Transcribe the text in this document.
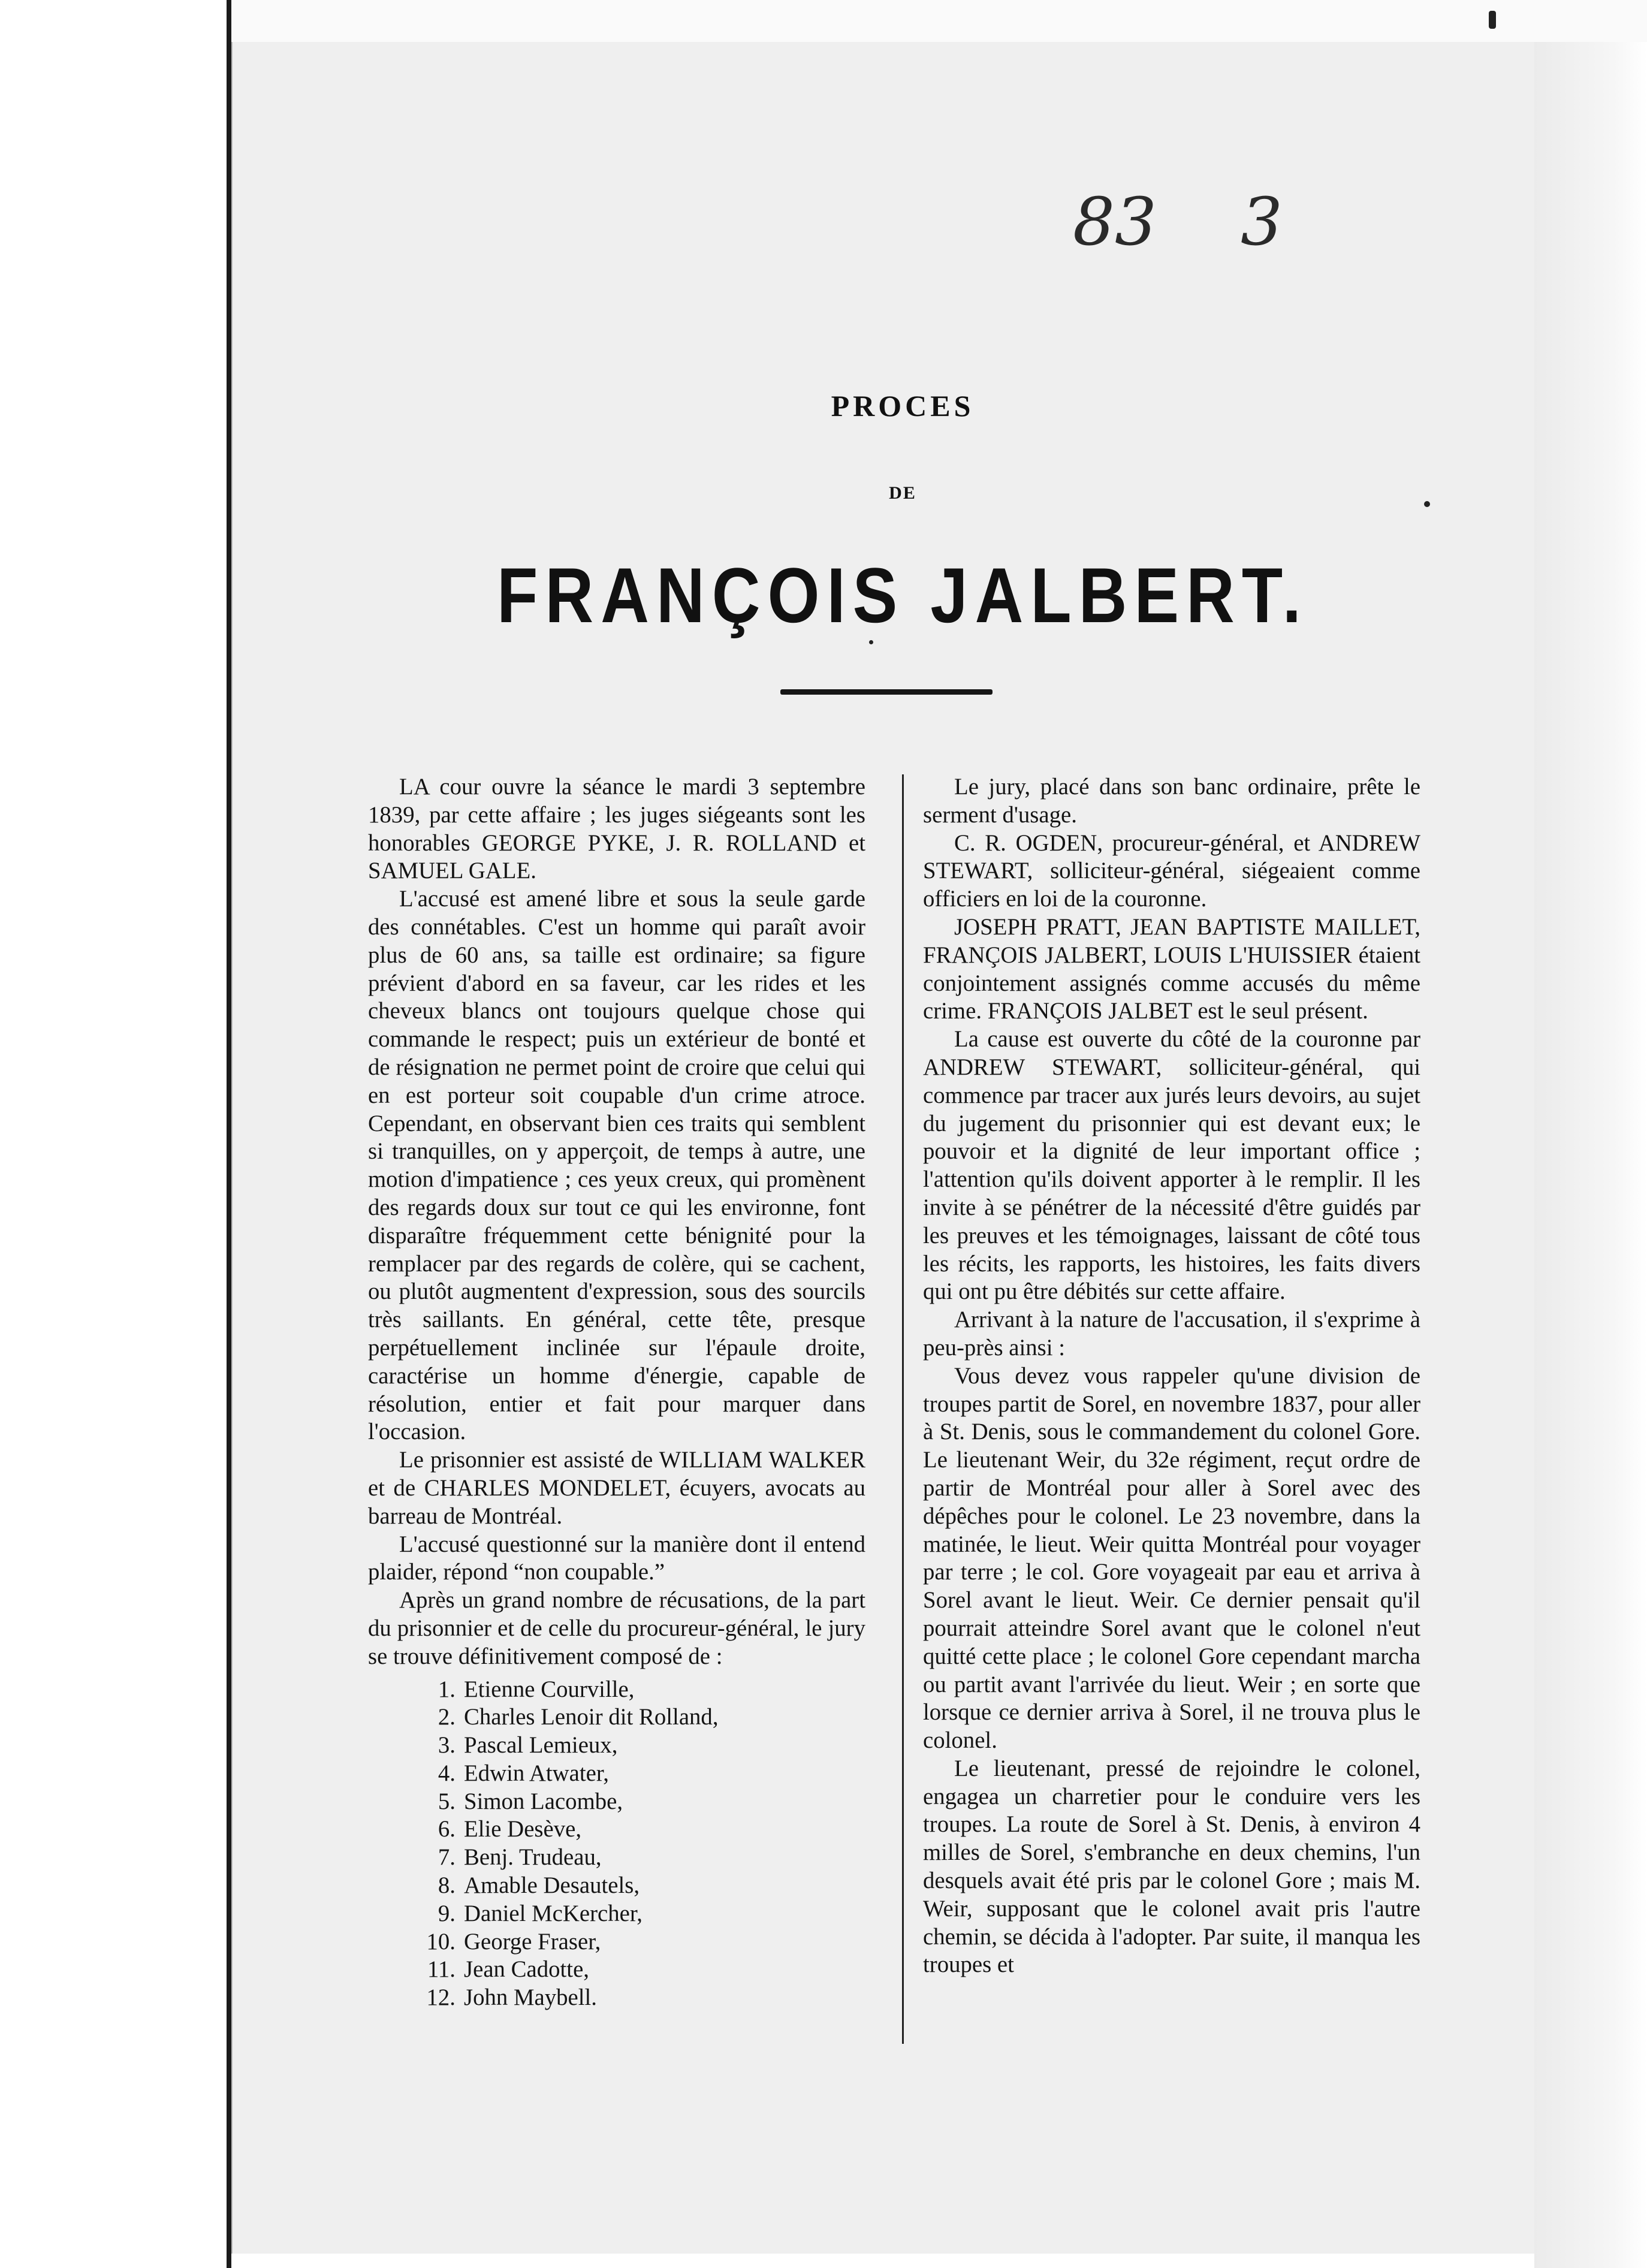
83	3
PROCES
DE
FRANÇOIS JALBERT.

LA cour ouvre la séance le mardi 3 septembre 1839, par cette affaire ; les juges siégeants sont les honorables GEORGE PYKE, J. R. ROLLAND et SAMUEL GALE.

L'accusé est amené libre et sous la seule garde des connétables. C'est un homme qui paraît avoir plus de 60 ans, sa taille est ordinaire; sa figure prévient d'abord en sa faveur, car les rides et les cheveux blancs ont toujours quelque chose qui commande le respect; puis un extérieur de bonté et de résignation ne permet point de croire que celui qui en est porteur soit coupable d'un crime atroce. Cependant, en observant bien ces traits qui semblent si tranquilles, on y apperçoit, de temps à autre, une motion d'impatience ; ces yeux creux, qui promènent des regards doux sur tout ce qui les environne, font disparaître fréquemment cette bénignité pour la remplacer par des regards de colère, qui se cachent, ou plutôt augmentent d'expression, sous des sourcils très saillants. En général, cette tête, presque perpétuellement inclinée sur l'épaule droite, caractérise un homme d'énergie, capable de résolution, entier et fait pour marquer dans l'occasion.

Le prisonnier est assisté de WILLIAM WALKER et de CHARLES MONDELET, écuyers, avocats au barreau de Montréal.

L'accusé questionné sur la manière dont il entend plaider, répond “non coupable.”

Après un grand nombre de récusations, de la part du prisonnier et de celle du procureur-général, le jury se trouve définitivement composé de :

1. Etienne Courville,
2. Charles Lenoir dit Rolland,
3. Pascal Lemieux,
4. Edwin Atwater,
5. Simon Lacombe,
6. Elie Desève,
7. Benj. Trudeau,
8. Amable Desautels,
9. Daniel McKercher,
10. George Fraser,
11. Jean Cadotte,
12. John Maybell.

Le jury, placé dans son banc ordinaire, prête le serment d'usage.

C. R. OGDEN, procureur-général, et ANDREW STEWART, solliciteur-général, siégeaient comme officiers en loi de la couronne.

JOSEPH PRATT, JEAN BAPTISTE MAILLET, FRANÇOIS JALBERT, LOUIS L'HUISSIER étaient conjointement assignés comme accusés du même crime. FRANÇOIS JALBET est le seul présent.

La cause est ouverte du côté de la couronne par ANDREW STEWART, solliciteur-général, qui commence par tracer aux jurés leurs devoirs, au sujet du jugement du prisonnier qui est devant eux; le pouvoir et la dignité de leur important office ; l'attention qu'ils doivent apporter à le remplir. Il les invite à se pénétrer de la nécessité d'être guidés par les preuves et les témoignages, laissant de côté tous les récits, les rapports, les histoires, les faits divers qui ont pu être débités sur cette affaire.

Arrivant à la nature de l'accusation, il s'exprime à peu-près ainsi :

Vous devez vous rappeler qu'une division de troupes partit de Sorel, en novembre 1837, pour aller à St. Denis, sous le commandement du colonel Gore. Le lieutenant Weir, du 32e régiment, reçut ordre de partir de Montréal pour aller à Sorel avec des dépêches pour le colonel. Le 23 novembre, dans la matinée, le lieut. Weir quitta Montréal pour voyager par terre ; le col. Gore voyageait par eau et arriva à Sorel avant le lieut. Weir. Ce dernier pensait qu'il pourrait atteindre Sorel avant que le colonel n'eut quitté cette place ; le colonel Gore cependant marcha ou partit avant l'arrivée du lieut. Weir ; en sorte que lorsque ce dernier arriva à Sorel, il ne trouva plus le colonel.

Le lieutenant, pressé de rejoindre le colonel, engagea un charretier pour le conduire vers les troupes. La route de Sorel à St. Denis, à environ 4 milles de Sorel, s'embranche en deux chemins, l'un desquels avait été pris par le colonel Gore ; mais M. Weir, supposant que le colonel avait pris l'autre chemin, se décida à l'adopter. Par suite, il manqua les troupes et
